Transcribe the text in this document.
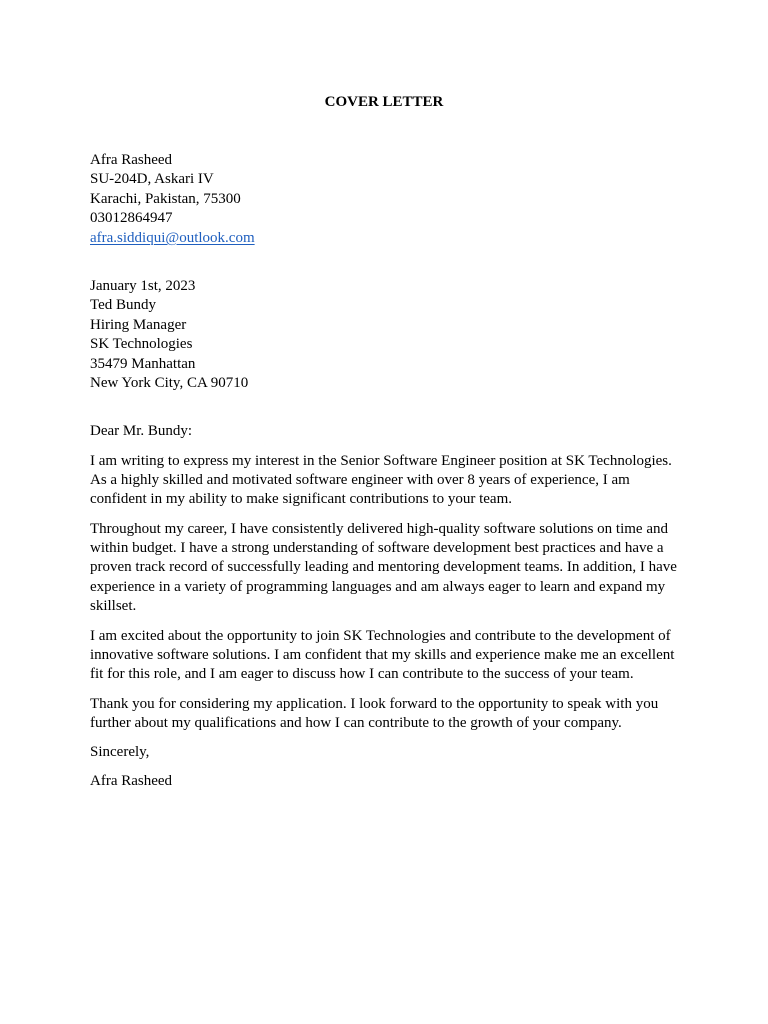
COVER LETTER
Afra Rasheed
SU-204D, Askari IV
Karachi, Pakistan, 75300
03012864947
afra.siddiqui@outlook.com
January 1st, 2023
Ted Bundy
Hiring Manager
SK Technologies
35479 Manhattan
New York City, CA 90710
Dear Mr. Bundy:
I am writing to express my interest in the Senior Software Engineer position at SK Technologies. As a highly skilled and motivated software engineer with over 8 years of experience, I am confident in my ability to make significant contributions to your team.
Throughout my career, I have consistently delivered high-quality software solutions on time and within budget. I have a strong understanding of software development best practices and have a proven track record of successfully leading and mentoring development teams. In addition, I have experience in a variety of programming languages and am always eager to learn and expand my skillset.
I am excited about the opportunity to join SK Technologies and contribute to the development of innovative software solutions. I am confident that my skills and experience make me an excellent fit for this role, and I am eager to discuss how I can contribute to the success of your team.
Thank you for considering my application. I look forward to the opportunity to speak with you further about my qualifications and how I can contribute to the growth of your company.
Sincerely,
Afra Rasheed
